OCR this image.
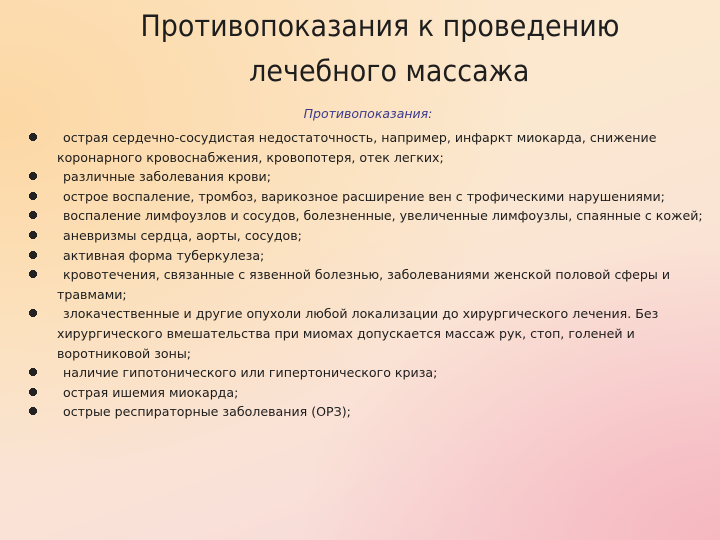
Противопоказания к проведению
лечебного массажа
Противопоказания:
острая сердечно-сосудистая недостаточность, например, инфаркт миокарда, снижение коронарного кровоснабжения, кровопотеря, отек легких;
различные заболевания крови;
острое воспаление, тромбоз, варикозное расширение вен с трофическими нарушениями;
воспаление лимфоузлов и сосудов, болезненные, увеличенные лимфоузлы, спаянные с кожей;
аневризмы сердца, аорты, сосудов;
активная форма туберкулеза;
кровотечения, связанные с язвенной болезнью, заболеваниями женской половой сферы и травмами;
злокачественные и другие опухоли любой локализации до хирургического лечения. Без хирургического вмешательства при миомах допускается массаж рук, стоп, голеней и воротниковой зоны;
наличие гипотонического или гипертонического криза;
острая ишемия миокарда;
острые респираторные заболевания (ОРЗ);
